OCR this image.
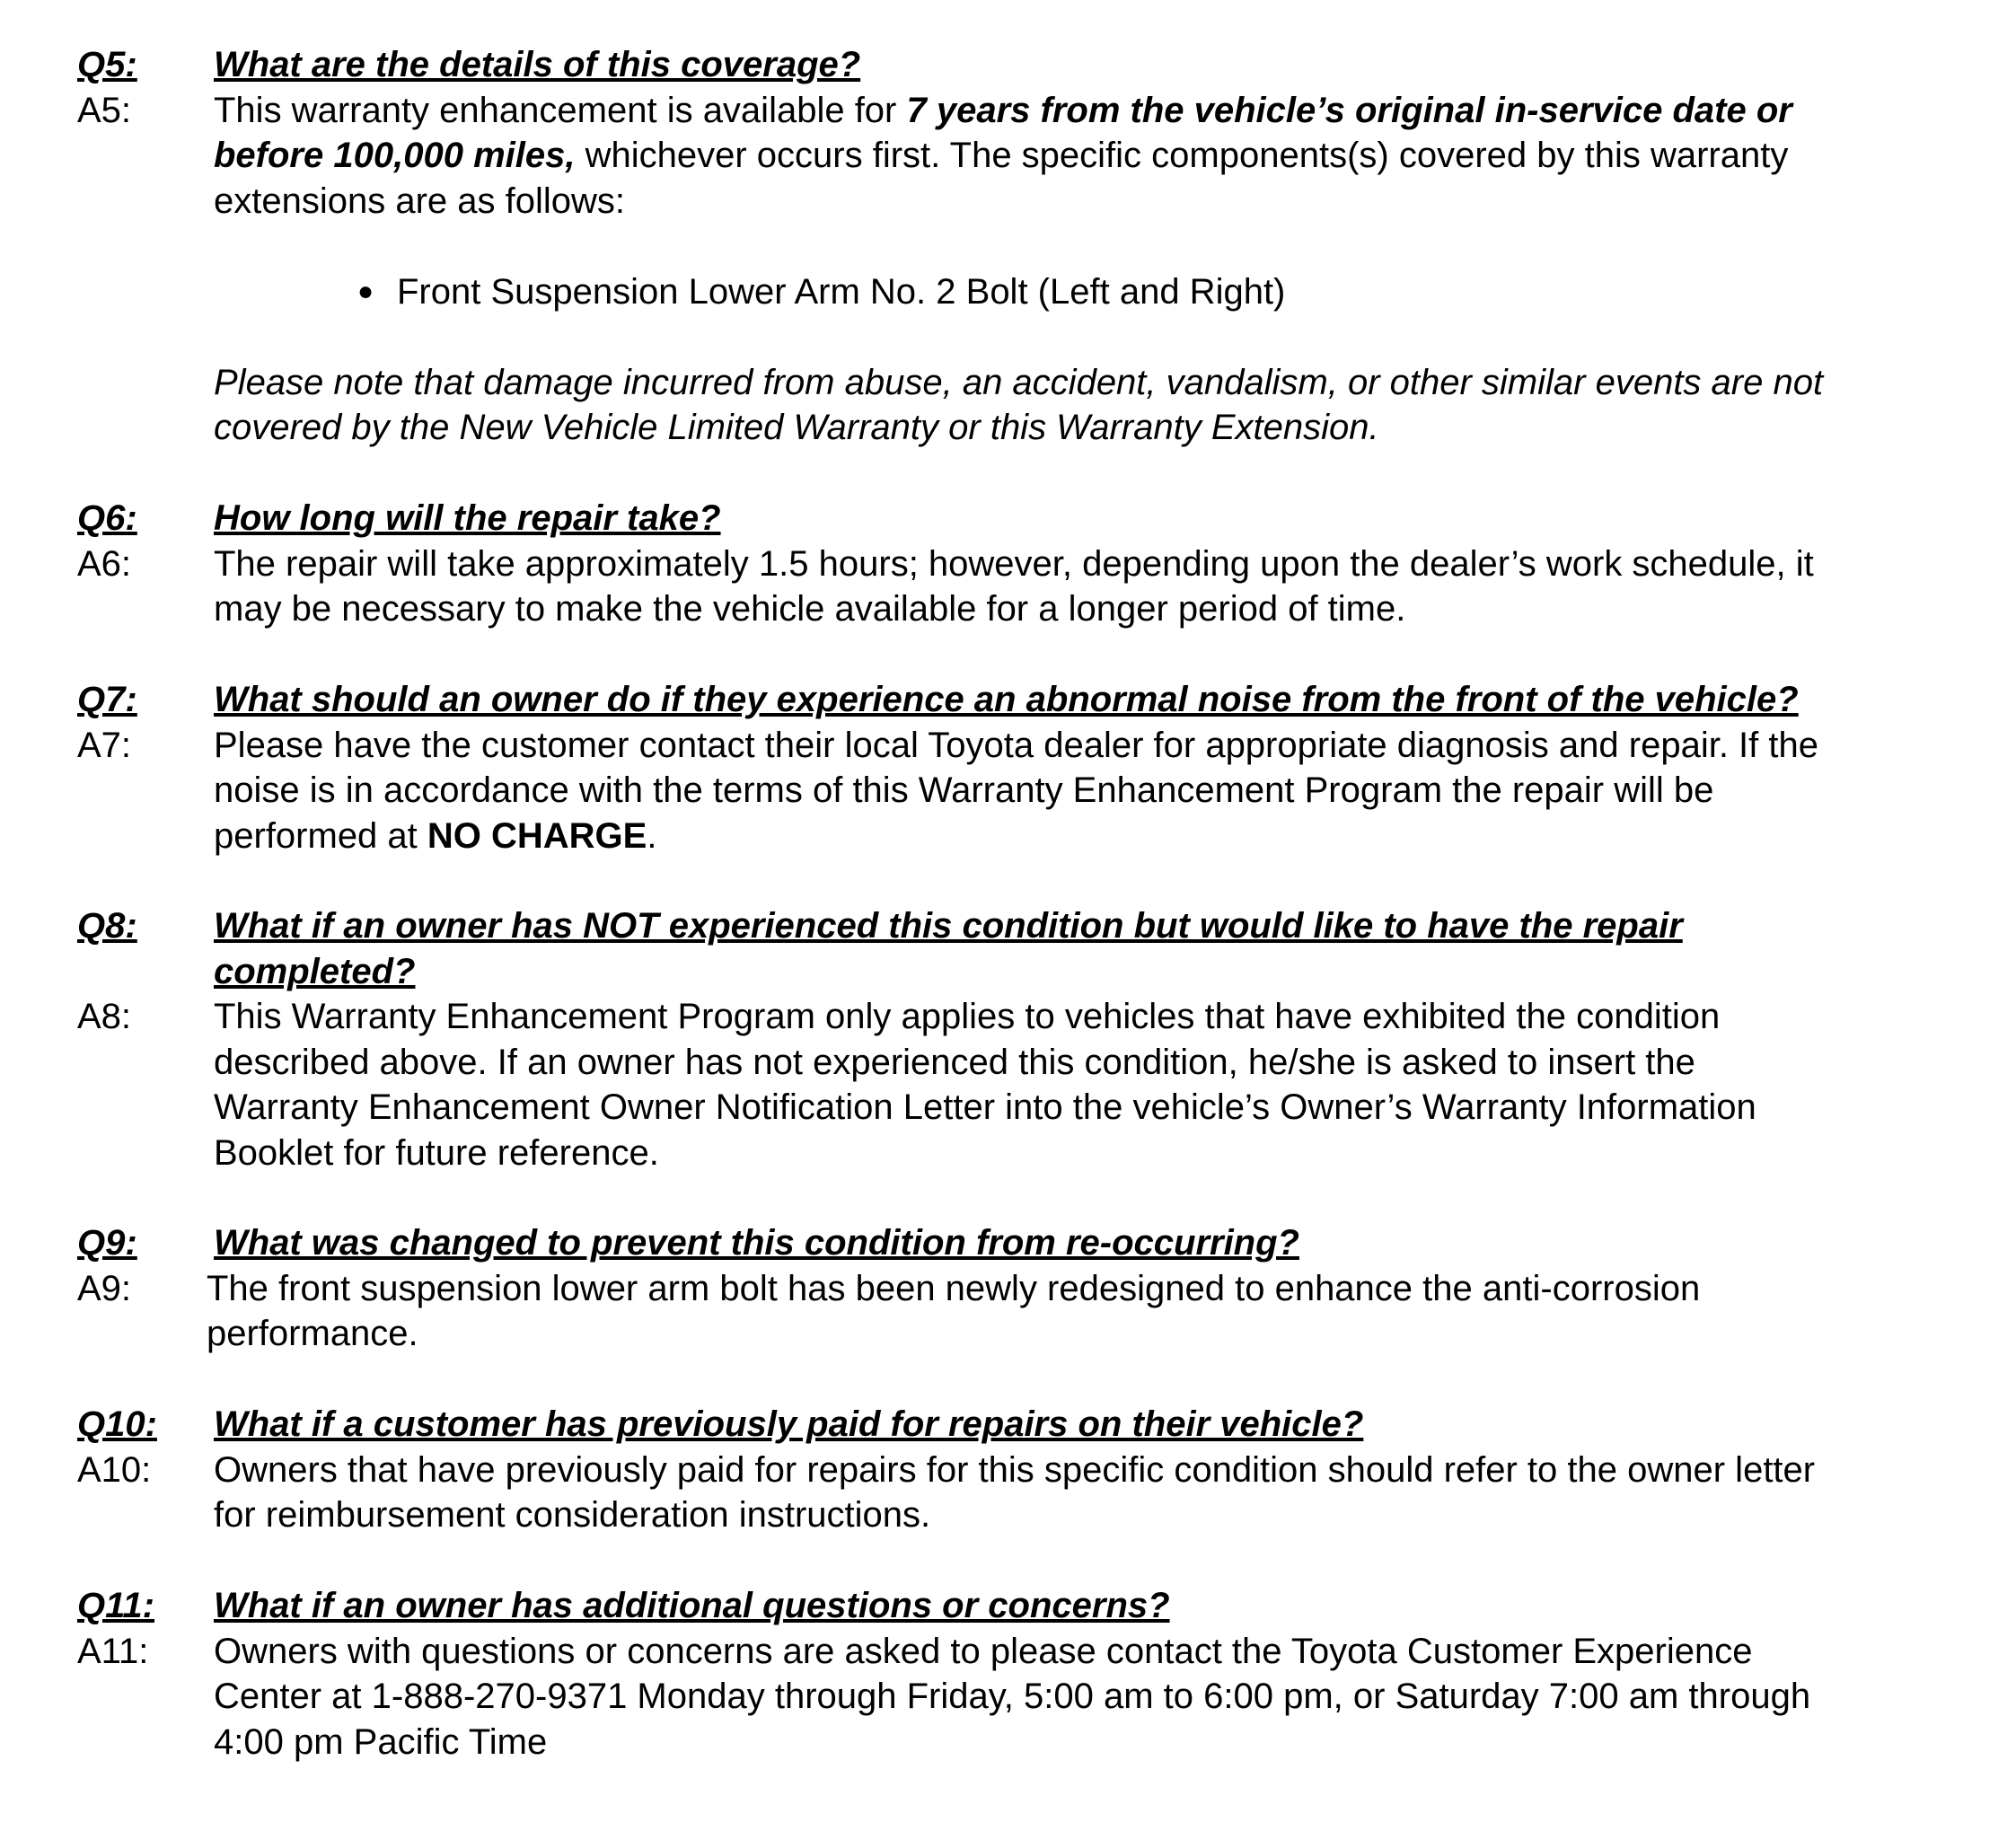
Q5:	What are the details of this coverage?
A5:	This warranty enhancement is available for 7 years from the vehicle’s original in-service date or
before 100,000 miles, whichever occurs first. The specific components(s) covered by this warranty
extensions are as follows:
● Front Suspension Lower Arm No. 2 Bolt (Left and Right)
Please note that damage incurred from abuse, an accident, vandalism, or other similar events are not
covered by the New Vehicle Limited Warranty or this Warranty Extension.
Q6:	How long will the repair take?
A6:	The repair will take approximately 1.5 hours; however, depending upon the dealer’s work schedule, it
may be necessary to make the vehicle available for a longer period of time.
Q7:	What should an owner do if they experience an abnormal noise from the front of the vehicle?
A7:	Please have the customer contact their local Toyota dealer for appropriate diagnosis and repair. If the
noise is in accordance with the terms of this Warranty Enhancement Program the repair will be
performed at NO CHARGE.
Q8:	What if an owner has NOT experienced this condition but would like to have the repair
completed?
A8:	This Warranty Enhancement Program only applies to vehicles that have exhibited the condition
described above. If an owner has not experienced this condition, he/she is asked to insert the
Warranty Enhancement Owner Notification Letter into the vehicle’s Owner’s Warranty Information
Booklet for future reference.
Q9:	What was changed to prevent this condition from re-occurring?
A9:	The front suspension lower arm bolt has been newly redesigned to enhance the anti-corrosion
performance.
Q10:	What if a customer has previously paid for repairs on their vehicle?
A10:	Owners that have previously paid for repairs for this specific condition should refer to the owner letter
for reimbursement consideration instructions.
Q11:	What if an owner has additional questions or concerns?
A11:	Owners with questions or concerns are asked to please contact the Toyota Customer Experience
Center at 1-888-270-9371 Monday through Friday, 5:00 am to 6:00 pm, or Saturday 7:00 am through
4:00 pm Pacific Time
